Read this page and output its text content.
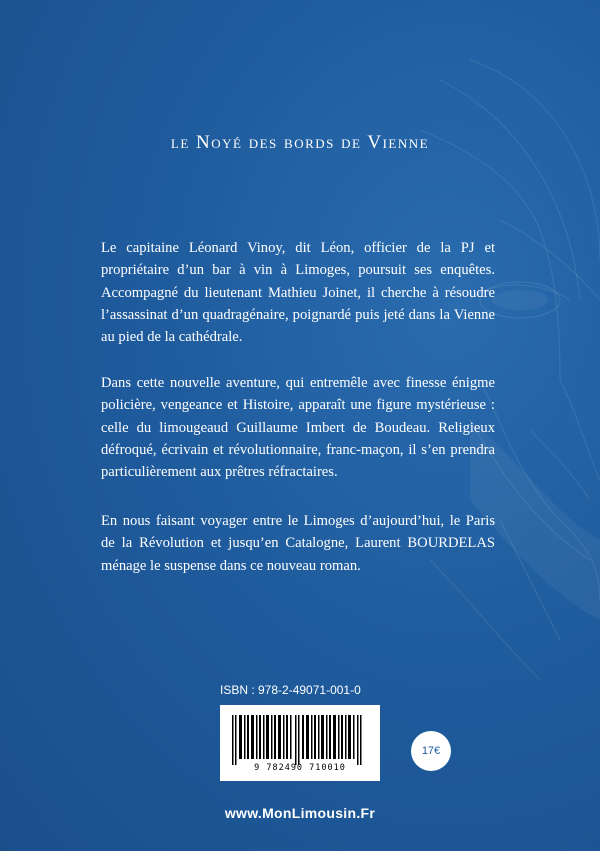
le Noyé des bords de Vienne

Le capitaine Léonard Vinoy, dit Léon, officier de la PJ et propriétaire d’un bar à vin à Limoges, poursuit ses enquêtes. Accompagné du lieutenant Mathieu Joinet, il cherche à résoudre l’assassinat d’un quadragénaire, poignardé puis jeté dans la Vienne au pied de la cathédrale.

Dans cette nouvelle aventure, qui entremêle avec finesse énigme policière, vengeance et Histoire, apparaît une figure mystérieuse : celle du limougeaud Guillaume Imbert de Boudeau. Religieux défroqué, écrivain et révolutionnaire, franc-maçon, il s’en prendra particulièrement aux prêtres réfractaires.

En nous faisant voyager entre le Limoges d’aujourd’hui, le Paris de la Révolution et jusqu’en Catalogne, Laurent BOURDELAS ménage le suspense dans ce nouveau roman.

ISBN : 978-2-49071-001-0
9 782490 710010
17€
www.MonLimousin.Fr
